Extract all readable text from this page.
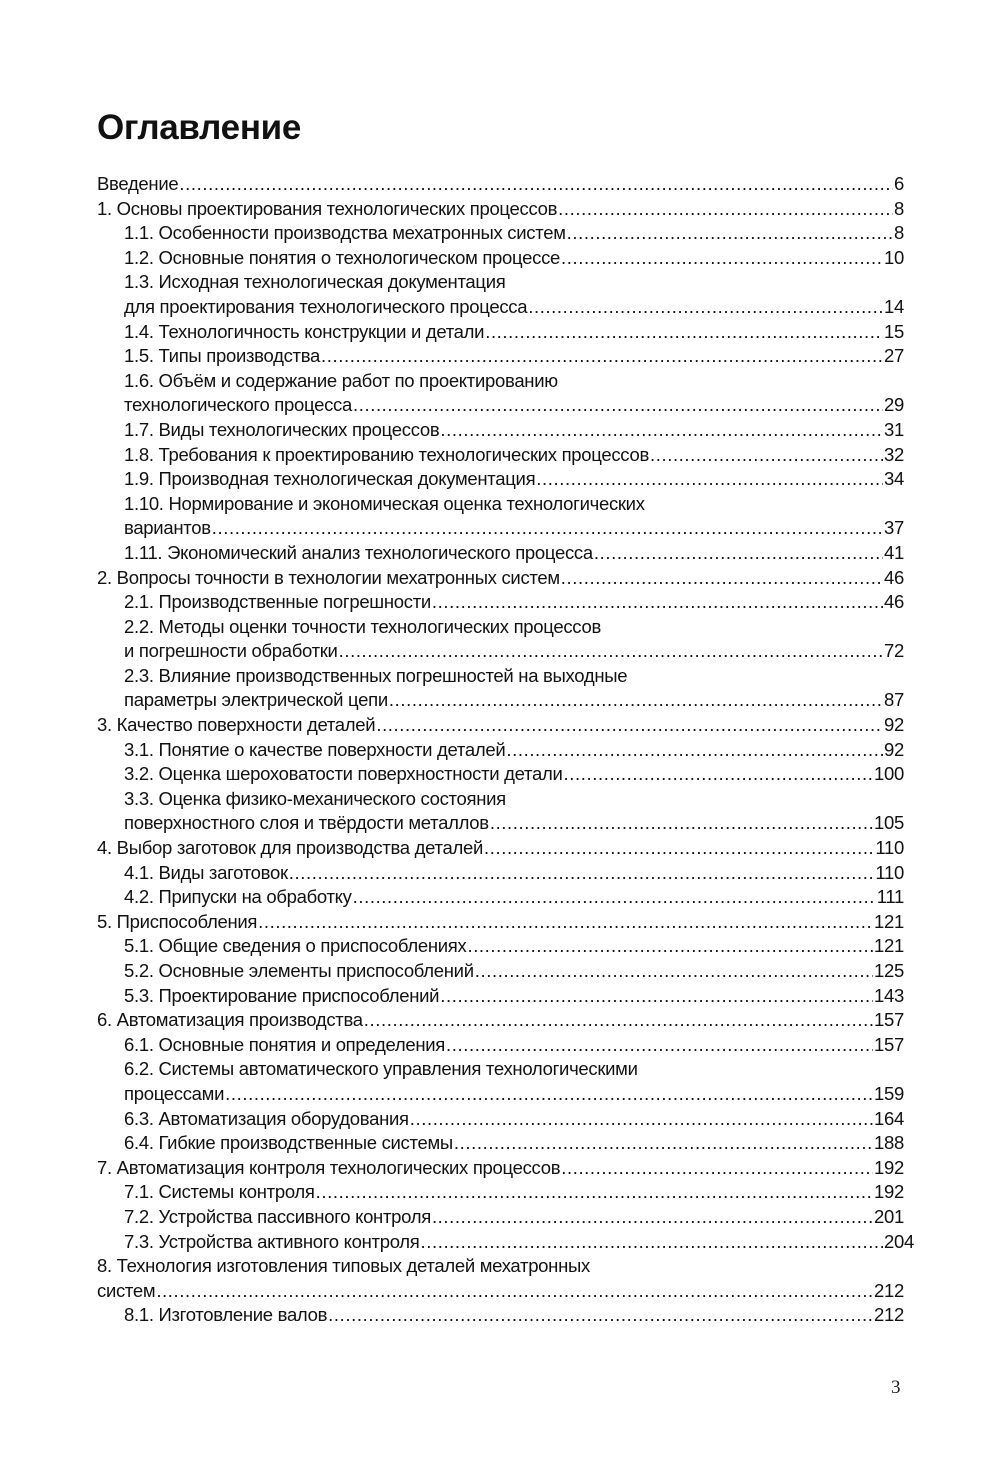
Оглавление
Введение .....	6
1. Основы проектирования технологических процессов .....	8
1.1. Особенности производства мехатронных систем .....	8
1.2. Основные понятия о технологическом процессе .....	10
1.3. Исходная технологическая документация
для проектирования технологического процесса .....	14
1.4. Технологичность конструкции и детали .....	15
1.5. Типы производства .....	27
1.6. Объём и содержание работ по проектированию
технологического процесса .....	29
1.7. Виды технологических процессов .....	31
1.8. Требования к проектированию технологических процессов .....	32
1.9. Производная технологическая документация .....	34
1.10. Нормирование и экономическая оценка технологических
вариантов .....	37
1.11. Экономический анализ технологического процесса .....	41
2. Вопросы точности в технологии мехатронных систем .....	46
2.1. Производственные погрешности .....	46
2.2. Методы оценки точности технологических процессов
и погрешности обработки .....	72
2.3. Влияние производственных погрешностей на выходные
параметры электрической цепи .....	87
3. Качество поверхности деталей .....	92
3.1. Понятие о качестве поверхности деталей .....	92
3.2. Оценка шероховатости поверхностности детали .....	100
3.3. Оценка физико-механического состояния
поверхностного слоя и твёрдости металлов .....	105
4. Выбор заготовок для производства деталей .....	110
4.1. Виды заготовок .....	110
4.2. Припуски на обработку .....	111
5. Приспособления .....	121
5.1. Общие сведения о приспособлениях .....	121
5.2. Основные элементы приспособлений .....	125
5.3. Проектирование приспособлений .....	143
6. Автоматизация производства .....	157
6.1. Основные понятия и определения .....	157
6.2. Системы автоматического управления технологическими
процессами .....	159
6.3. Автоматизация оборудования .....	164
6.4. Гибкие производственные системы .....	188
7. Автоматизация контроля технологических процессов .....	192
7.1. Системы контроля .....	192
7.2. Устройства пассивного контроля .....	201
7.3. Устройства активного контроля .....	204
8. Технология изготовления типовых деталей мехатронных
систем .....	212
8.1. Изготовление валов .....	212
3
